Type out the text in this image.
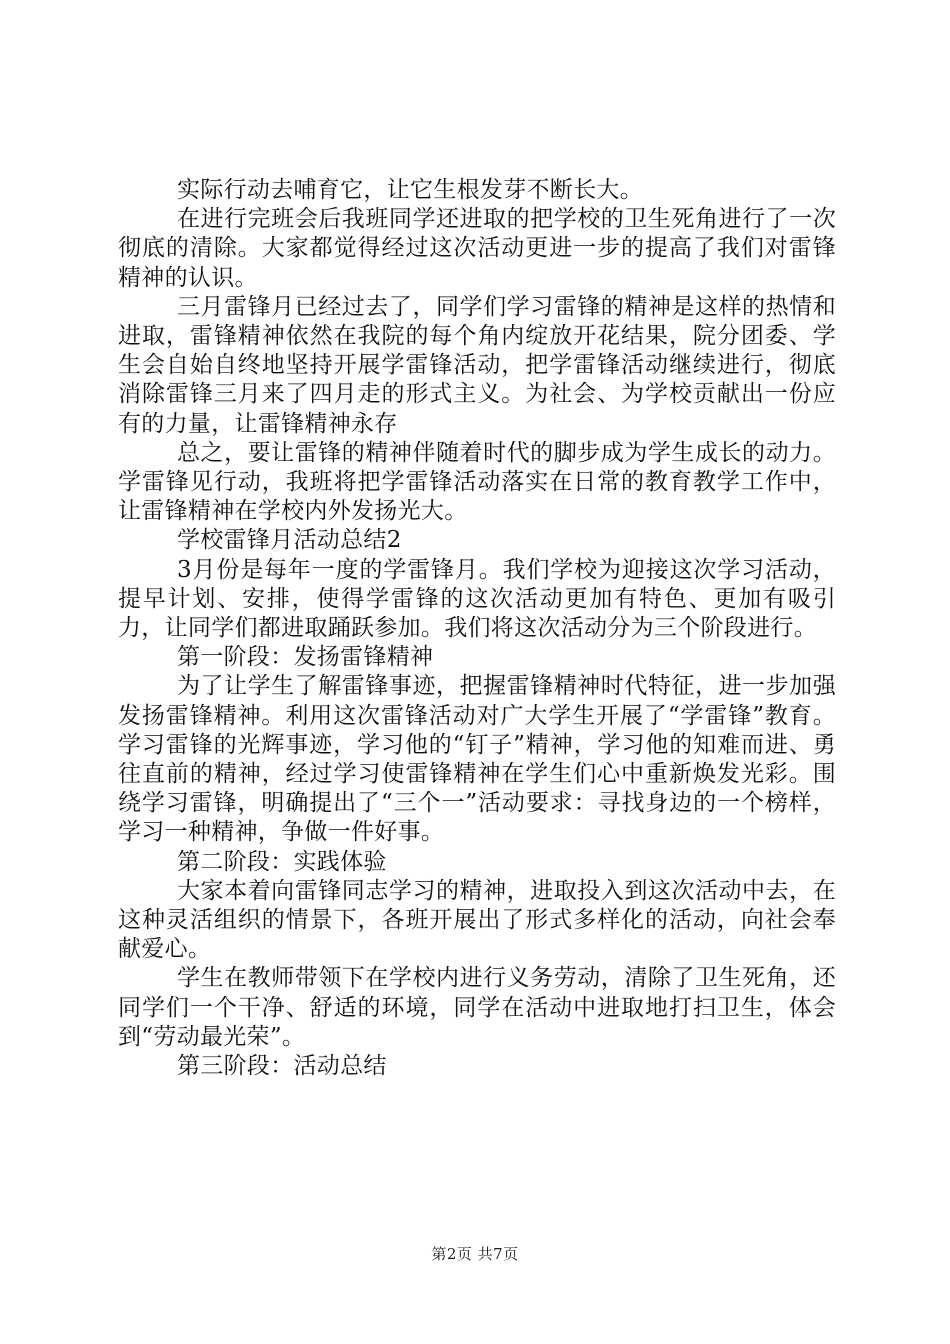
实际行动去哺育它，让它生根发芽不断长大。

在进行完班会后我班同学还进取的把学校的卫生死角进行了一次彻底的清除。大家都觉得经过这次活动更进一步的提高了我们对雷锋精神的认识。

三月雷锋月已经过去了，同学们学习雷锋的精神是这样的热情和进取，雷锋精神依然在我院的每个角内绽放开花结果，院分团委、学生会自始自终地坚持开展学雷锋活动，把学雷锋活动继续进行，彻底消除雷锋三月来了四月走的形式主义。为社会、为学校贡献出一份应有的力量，让雷锋精神永存

总之，要让雷锋的精神伴随着时代的脚步成为学生成长的动力。学雷锋见行动，我班将把学雷锋活动落实在日常的教育教学工作中，让雷锋精神在学校内外发扬光大。

学校雷锋月活动总结2

3月份是每年一度的学雷锋月。我们学校为迎接这次学习活动，提早计划、安排，使得学雷锋的这次活动更加有特色、更加有吸引力，让同学们都进取踊跃参加。我们将这次活动分为三个阶段进行。

第一阶段：发扬雷锋精神

为了让学生了解雷锋事迹，把握雷锋精神时代特征，进一步加强发扬雷锋精神。利用这次雷锋活动对广大学生开展了“学雷锋”教育。学习雷锋的光辉事迹，学习他的“钉子”精神，学习他的知难而进、勇往直前的精神，经过学习使雷锋精神在学生们心中重新焕发光彩。围绕学习雷锋，明确提出了“三个一”活动要求：寻找身边的一个榜样，学习一种精神，争做一件好事。

第二阶段：实践体验

大家本着向雷锋同志学习的精神，进取投入到这次活动中去，在这种灵活组织的情景下，各班开展出了形式多样化的活动，向社会奉献爱心。

学生在教师带领下在学校内进行义务劳动，清除了卫生死角，还同学们一个干净、舒适的环境，同学在活动中进取地打扫卫生，体会到“劳动最光荣”。

第三阶段：活动总结

第2页 共7页
